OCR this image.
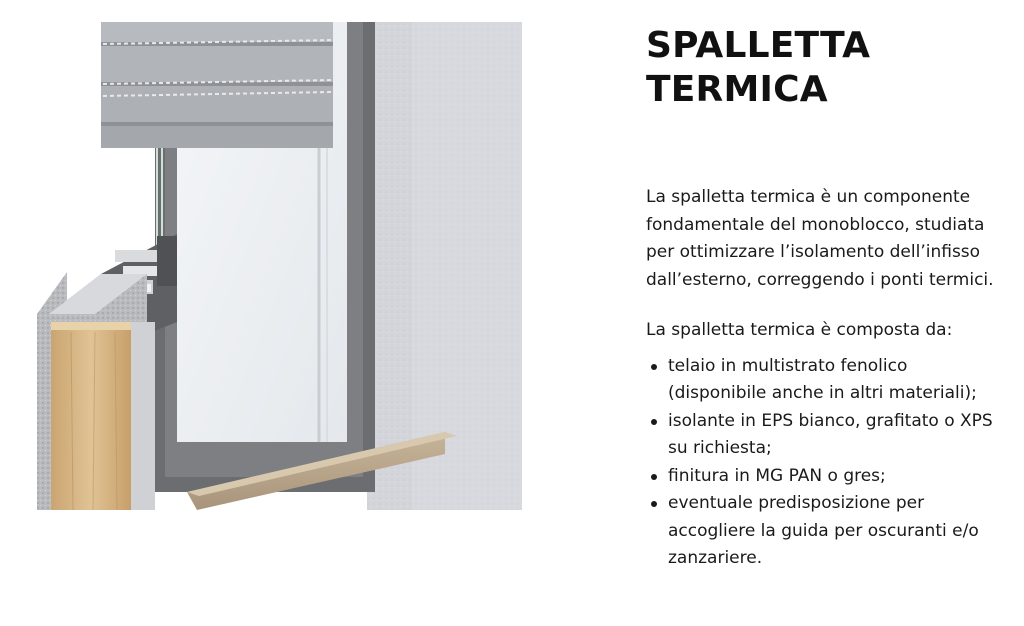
SPALLETTA
TERMICA

La spalletta termica è un componente fondamentale del monoblocco, studiata per ottimizzare l’isolamento dell’infisso dall’esterno, correggendo i ponti termici.

La spalletta termica è composta da:

telaio in multistrato fenolico (disponibile anche in altri materiali);
isolante in EPS bianco, grafitato o XPS su richiesta;
finitura in MG PAN o gres;
eventuale predisposizione per accogliere la guida per oscuranti e/o zanzariere.
